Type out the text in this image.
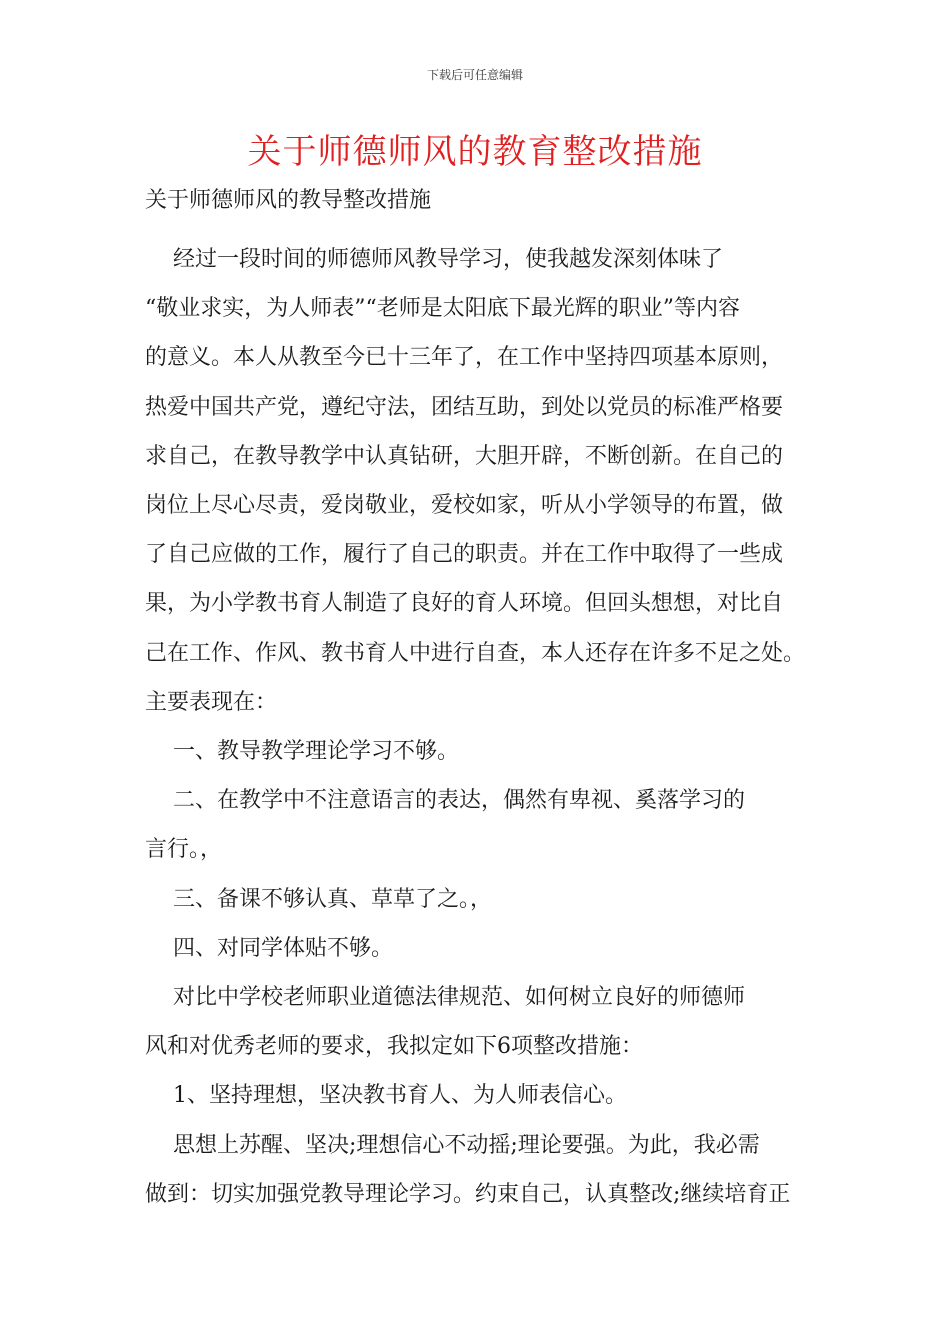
下载后可任意编辑
关于师德师风的教育整改措施

关于师德师风的教导整改措施

经过一段时间的师德师风教导学习，使我越发深刻体味了

“敬业求实，为人师表”“老师是太阳底下最光辉的职业”等内容

的意义。本人从教至今已十三年了，在工作中坚持四项基本原则，

热爱中国共产党，遵纪守法，团结互助，到处以党员的标准严格要

求自己，在教导教学中认真钻研，大胆开辟，不断创新。在自己的

岗位上尽心尽责，爱岗敬业，爱校如家，听从小学领导的布置，做

了自己应做的工作，履行了自己的职责。并在工作中取得了一些成

果，为小学教书育人制造了良好的育人环境。但回头想想，对比自

己在工作、作风、教书育人中进行自查，本人还存在许多不足之处。

主要表现在：

一、教导教学理论学习不够。

二、在教学中不注意语言的表达，偶然有卑视、奚落学习的

言行。，

三、备课不够认真、草草了之。，

四、对同学体贴不够。

对比中学校老师职业道德法律规范、如何树立良好的师德师

风和对优秀老师的要求，我拟定如下6项整改措施：

1、坚持理想，坚决教书育人、为人师表信心。

思想上苏醒、坚决;理想信心不动摇;理论要强。为此，我必需

做到：切实加强党教导理论学习。约束自己，认真整改;继续培育正
